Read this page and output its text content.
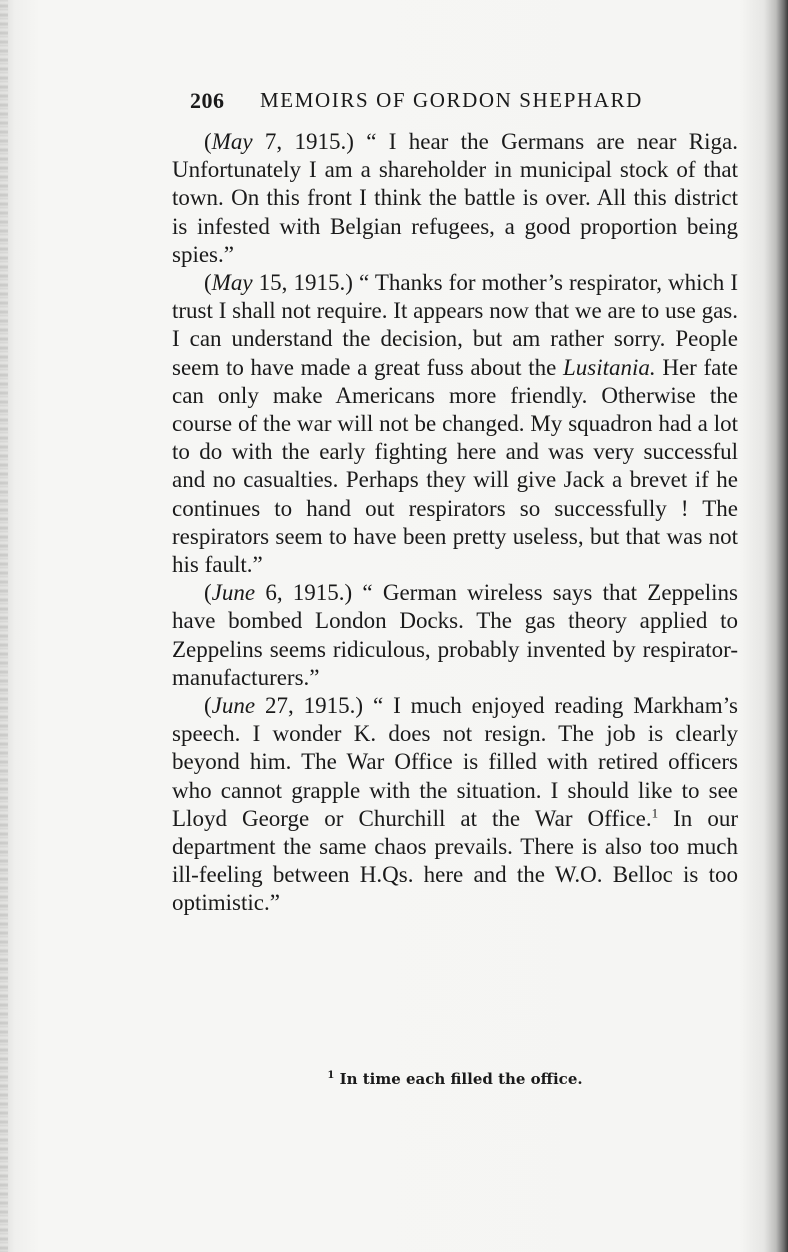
206 MEMOIRS OF GORDON SHEPHARD

(May 7, 1915.) “ I hear the Germans are near Riga. Unfortunately I am a shareholder in municipal stock of that town. On this front I think the battle is over. All this district is infested with Belgian refugees, a good proportion being spies.”

(May 15, 1915.) “ Thanks for mother’s respirator, which I trust I shall not require. It appears now that we are to use gas. I can understand the decision, but am rather sorry. People seem to have made a great fuss about the Lusitania. Her fate can only make Americans more friendly. Otherwise the course of the war will not be changed. My squadron had a lot to do with the early fighting here and was very successful and no casualties. Perhaps they will give Jack a brevet if he continues to hand out respirators so successfully ! The respirators seem to have been pretty useless, but that was not his fault.”

(June 6, 1915.) “ German wireless says that Zeppelins have bombed London Docks. The gas theory applied to Zeppelins seems ridiculous, probably invented by respirator-manufacturers.”

(June 27, 1915.) “ I much enjoyed reading Markham’s speech. I wonder K. does not resign. The job is clearly beyond him. The War Office is filled with retired officers who cannot grapple with the situation. I should like to see Lloyd George or Churchill at the War Office.$^1$ In our department the same chaos prevails. There is also too much ill-feeling between H.Qs. here and the W.O. Belloc is too optimistic.”

$^1$ In time each filled the office.
